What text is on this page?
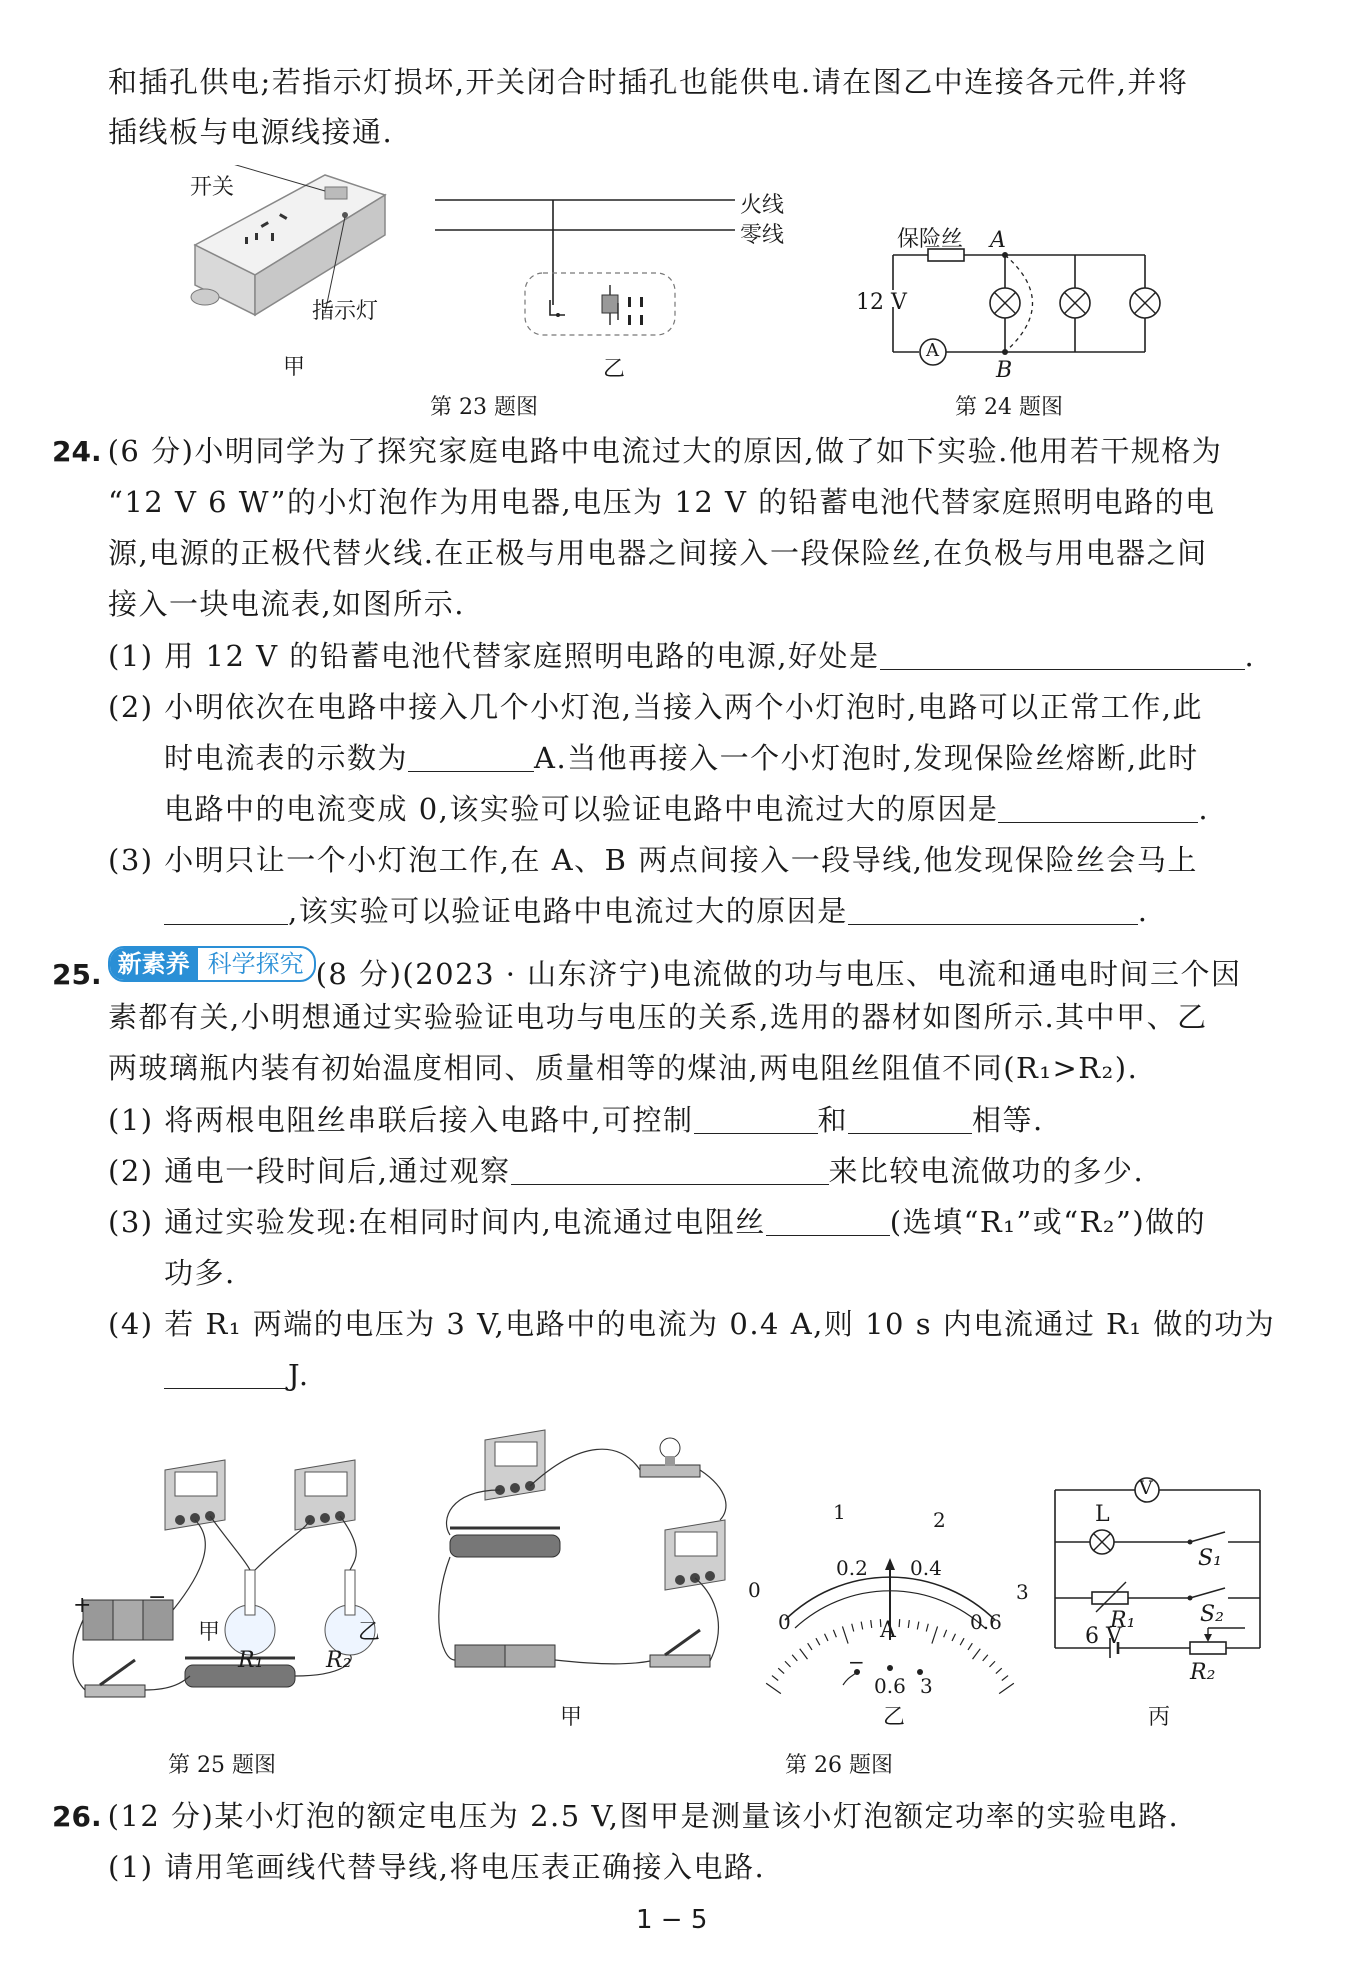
和插孔供电;若指示灯损坏,开关闭合时插孔也能供电.请在图乙中连接各元件,并将
插线板与电源线接通.
开关
指示灯
甲
火线
零线
乙
第 23 题图
保险丝 A
12 V
A
B
第 24 题图
24. (6 分)小明同学为了探究家庭电路中电流过大的原因,做了如下实验.他用若干规格为
“12 V 6 W”的小灯泡作为用电器,电压为 12 V 的铅蓄电池代替家庭照明电路的电
源,电源的正极代替火线.在正极与用电器之间接入一段保险丝,在负极与用电器之间
接入一块电流表,如图所示.
(1) 用 12 V 的铅蓄电池代替家庭照明电路的电源,好处是	.
(2) 小明依次在电路中接入几个小灯泡,当接入两个小灯泡时,电路可以正常工作,此
时电流表的示数为	A.当他再接入一个小灯泡时,发现保险丝熔断,此时
电路中的电流变成 0,该实验可以验证电路中电流过大的原因是	.
(3) 小明只让一个小灯泡工作,在 A、B 两点间接入一段导线,他发现保险丝会马上
,该实验可以验证电路中电流过大的原因是	.
25. 新素养 科学探究 (8 分)(2023 · 山东济宁)电流做的功与电压、电流和通电时间三个因
素都有关,小明想通过实验验证电功与电压的关系,选用的器材如图所示.其中甲、乙
两玻璃瓶内装有初始温度相同、质量相等的煤油,两电阻丝阻值不同(R₁>R₂).
(1) 将两根电阻丝串联后接入电路中,可控制	和	相等.
(2) 通电一段时间后,通过观察	来比较电流做功的多少.
(3) 通过实验发现:在相同时间内,电流通过电阻丝	(选填“R₁”或“R₂”)做的
功多.
(4) 若 R₁ 两端的电压为 3 V,电路中的电流为 0.4 A,则 10 s 内电流通过 R₁ 做的功为
J.
+	−
甲	乙
R₁	R₂
第 25 题图
甲
0
1	2
3
0
0.2 0.4
0.6
A
−
0.6 3
乙
V
L
S₁
S₂
R₁
6 V
R₂
丙
第 26 题图
26. (12 分)某小灯泡的额定电压为 2.5 V,图甲是测量该小灯泡额定功率的实验电路.
(1) 请用笔画线代替导线,将电压表正确接入电路.
1 − 5
